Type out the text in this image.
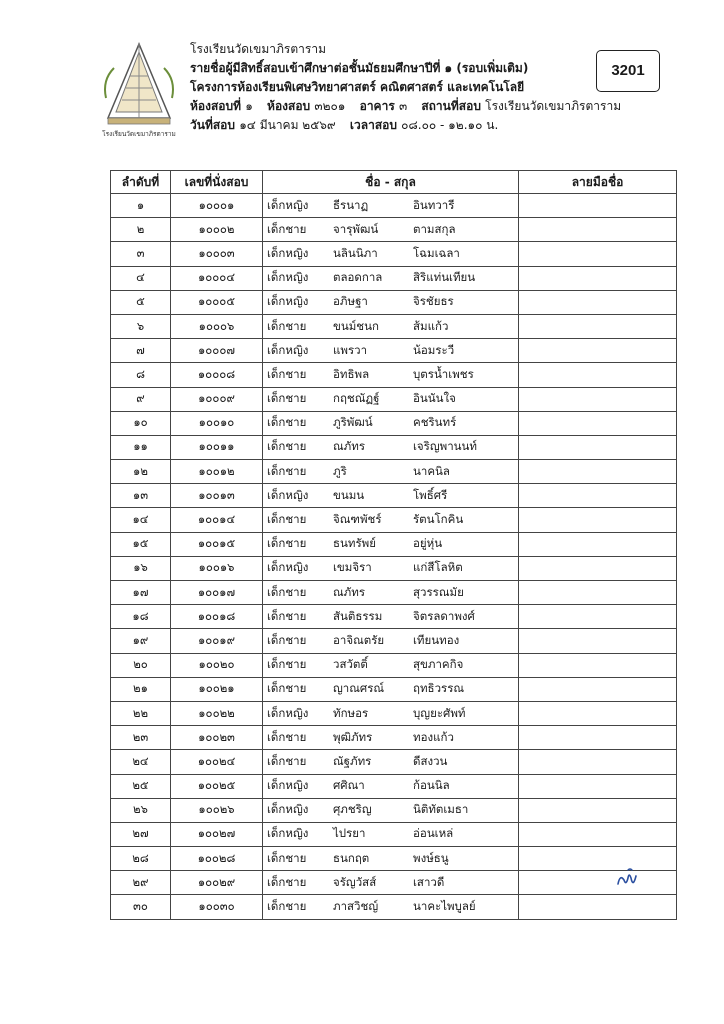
โรงเรียนวัดเขมาภิรตาราม
โรงเรียนวัดเขมาภิรตาราม
รายชื่อผู้มีสิทธิ์สอบเข้าศึกษาต่อชั้นมัธยมศึกษาปีที่ ๑ (รอบเพิ่มเติม)
โครงการห้องเรียนพิเศษวิทยาศาสตร์ คณิตศาสตร์ และเทคโนโลยี
ห้องสอบที่ ๑ ห้องสอบ ๓๒๐๑ อาคาร ๓ สถานที่สอบ โรงเรียนวัดเขมาภิรตาราม
วันที่สอบ ๑๔ มีนาคม ๒๕๖๙ เวลาสอบ ๐๘.๐๐ - ๑๒.๑๐ น.
3201
ลำดับที่	เลขที่นั่งสอบ	ชื่อ - สกุล	ลายมือชื่อ
๑	๑๐๐๐๑	เด็กหญิง ธีรนาฏ อินทวารี	
๒	๑๐๐๐๒	เด็กชาย จารุพัฒน์ ตามสกุล	
๓	๑๐๐๐๓	เด็กหญิง นลินนิภา โฉมเฉลา	
๔	๑๐๐๐๔	เด็กหญิง ตลอดกาล สิริแท่นเทียน	
๕	๑๐๐๐๕	เด็กหญิง อภิษฐา จิรชัยธร	
๖	๑๐๐๐๖	เด็กชาย ขนม์ชนก ส้มแก้ว	
๗	๑๐๐๐๗	เด็กหญิง แพรวา น้อมระวี	
๘	๑๐๐๐๘	เด็กชาย อิทธิพล บุตรน้ำเพชร	
๙	๑๐๐๐๙	เด็กชาย กฤชณัฏฐ์ อินนันใจ	
๑๐	๑๐๐๑๐	เด็กชาย ภูริพัฒน์ คชรินทร์	
๑๑	๑๐๐๑๑	เด็กชาย ณภัทร เจริญพานนท์	
๑๒	๑๐๐๑๒	เด็กชาย ภูริ นาคนิล	
๑๓	๑๐๐๑๓	เด็กหญิง ขนมน โพธิ์ศรี	
๑๔	๑๐๐๑๔	เด็กชาย จิณฑพัชร์ รัตนโกคิน	
๑๕	๑๐๐๑๕	เด็กชาย ธนทรัพย์ อยู่หุ่น	
๑๖	๑๐๐๑๖	เด็กหญิง เขมจิรา แก่สีโลหิต	
๑๗	๑๐๐๑๗	เด็กชาย ณภัทร สุวรรณมัย	
๑๘	๑๐๐๑๘	เด็กชาย สันติธรรม จิตรลดาพงศ์	
๑๙	๑๐๐๑๙	เด็กชาย อาจิณตรัย เทียนทอง	
๒๐	๑๐๐๒๐	เด็กชาย วสวัตติ์ สุขภาคกิจ	
๒๑	๑๐๐๒๑	เด็กชาย ญาณศรณ์ ฤทธิวรรณ	
๒๒	๑๐๐๒๒	เด็กหญิง ทักษอร บุญยะศัพท์	
๒๓	๑๐๐๒๓	เด็กชาย พุฒิภัทร ทองแก้ว	
๒๔	๑๐๐๒๔	เด็กชาย ณัฐภัทร ดีสงวน	
๒๕	๑๐๐๒๕	เด็กหญิง ศศิณา ก้อนนิล	
๒๖	๑๐๐๒๖	เด็กหญิง ศุภชริญ นิติทัตเมธา	
๒๗	๑๐๐๒๗	เด็กหญิง ไปรยา อ่อนเหล่	
๒๘	๑๐๐๒๘	เด็กชาย ธนกฤต พงษ์ธนู	
๒๙	๑๐๐๒๙	เด็กชาย จรัญวัสส์ เสาวดี	
๓๐	๑๐๐๓๐	เด็กชาย ภาสวิชญ์ นาคะไพบูลย์	
